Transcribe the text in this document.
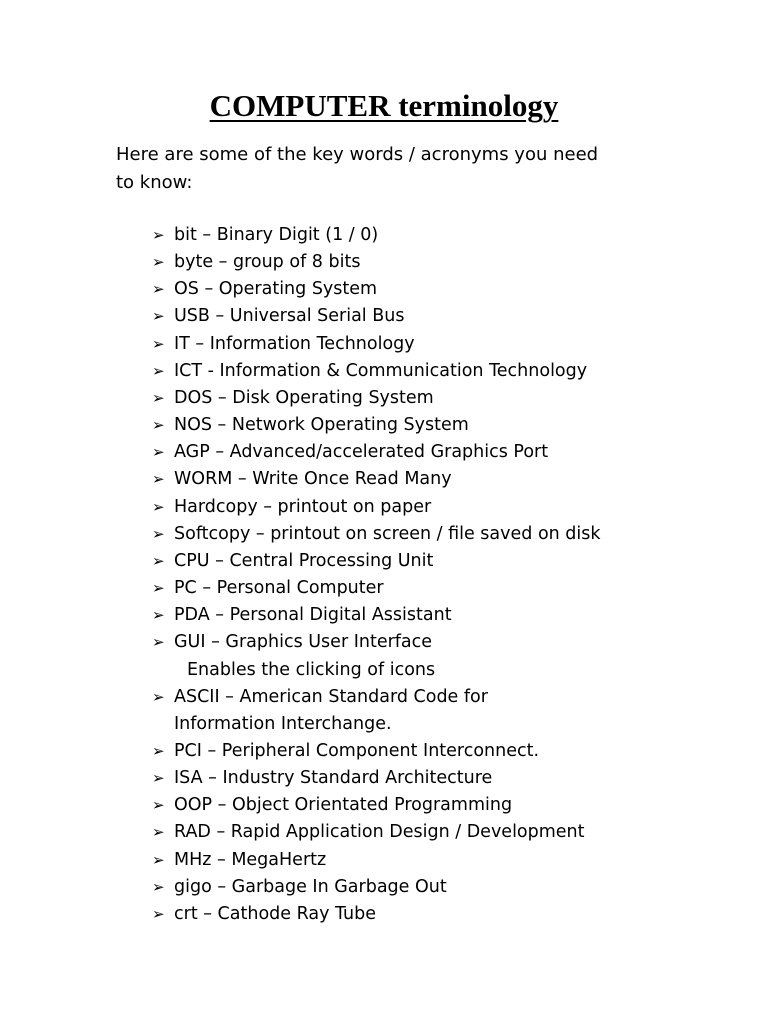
COMPUTER terminology

Here are some of the key words / acronyms you need
to know:

➢ bit – Binary Digit (1 / 0)
➢ byte – group of 8 bits
➢ OS – Operating System
➢ USB – Universal Serial Bus
➢ IT – Information Technology
➢ ICT - Information & Communication Technology
➢ DOS – Disk Operating System
➢ NOS – Network Operating System
➢ AGP – Advanced/accelerated Graphics Port
➢ WORM – Write Once Read Many
➢ Hardcopy – printout on paper
➢ Softcopy – printout on screen / file saved on disk
➢ CPU – Central Processing Unit
➢ PC – Personal Computer
➢ PDA – Personal Digital Assistant
➢ GUI – Graphics User Interface
Enables the clicking of icons
➢ ASCII – American Standard Code for
Information Interchange.
➢ PCI – Peripheral Component Interconnect.
➢ ISA – Industry Standard Architecture
➢ OOP – Object Orientated Programming
➢ RAD – Rapid Application Design / Development
➢ MHz – MegaHertz
➢ gigo – Garbage In Garbage Out
➢ crt – Cathode Ray Tube
